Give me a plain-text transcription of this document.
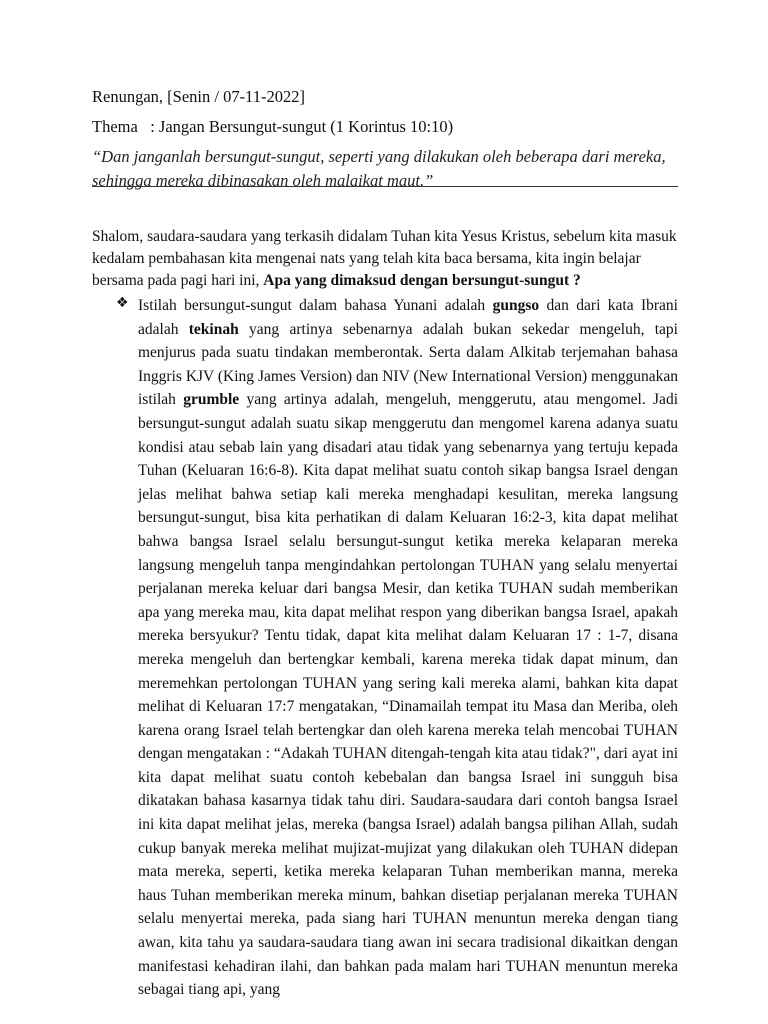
Renungan, [Senin / 07-11-2022]
Thema   : Jangan Bersungut-sungut (1 Korintus 10:10)
“Dan janganlah bersungut-sungut, seperti yang dilakukan oleh beberapa dari mereka, sehingga mereka dibinasakan oleh malaikat maut.”
Shalom, saudara-saudara yang terkasih didalam Tuhan kita Yesus Kristus, sebelum kita masuk kedalam pembahasan kita mengenai nats yang telah kita baca bersama, kita ingin belajar bersama pada pagi hari ini, Apa yang dimaksud dengan bersungut-sungut ?
❖ Istilah bersungut-sungut dalam bahasa Yunani adalah gungso dan dari kata Ibrani adalah tekinah yang artinya sebenarnya adalah bukan sekedar mengeluh, tapi menjurus pada suatu tindakan memberontak. Serta dalam Alkitab terjemahan bahasa Inggris KJV (King James Version) dan NIV (New International Version) menggunakan istilah grumble yang artinya adalah, mengeluh, menggerutu, atau mengomel. Jadi bersungut-sungut adalah suatu sikap menggerutu dan mengomel karena adanya suatu kondisi atau sebab lain yang disadari atau tidak yang sebenarnya yang tertuju kepada Tuhan (Keluaran 16:6-8). Kita dapat melihat suatu contoh sikap bangsa Israel dengan jelas melihat bahwa setiap kali mereka menghadapi kesulitan, mereka langsung bersungut-sungut, bisa kita perhatikan di dalam Keluaran 16:2-3, kita dapat melihat bahwa bangsa Israel selalu bersungut-sungut ketika mereka kelaparan mereka langsung mengeluh tanpa mengindahkan pertolongan TUHAN yang selalu menyertai perjalanan mereka keluar dari bangsa Mesir, dan ketika TUHAN sudah memberikan apa yang mereka mau, kita dapat melihat respon yang diberikan bangsa Israel, apakah mereka bersyukur? Tentu tidak, dapat kita melihat dalam Keluaran 17 : 1-7, disana mereka mengeluh dan bertengkar kembali, karena mereka tidak dapat minum, dan meremehkan pertolongan TUHAN yang sering kali mereka alami, bahkan kita dapat melihat di Keluaran 17:7 mengatakan, “Dinamailah tempat itu Masa dan Meriba, oleh karena orang Israel telah bertengkar dan oleh karena mereka telah mencobai TUHAN dengan mengatakan : “Adakah TUHAN ditengah-tengah kita atau tidak?", dari ayat ini kita dapat melihat suatu contoh kebebalan dan bangsa Israel ini sungguh bisa dikatakan bahasa kasarnya tidak tahu diri. Saudara-saudara dari contoh bangsa Israel ini kita dapat melihat jelas, mereka (bangsa Israel) adalah bangsa pilihan Allah, sudah cukup banyak mereka melihat mujizat-mujizat yang dilakukan oleh TUHAN didepan mata mereka, seperti, ketika mereka kelaparan Tuhan memberikan manna, mereka haus Tuhan memberikan mereka minum, bahkan disetiap perjalanan mereka TUHAN selalu menyertai mereka, pada siang hari TUHAN menuntun mereka dengan tiang awan, kita tahu ya saudara-saudara tiang awan ini secara tradisional dikaitkan dengan manifestasi kehadiran ilahi, dan bahkan pada malam hari TUHAN menuntun mereka sebagai tiang api, yang
